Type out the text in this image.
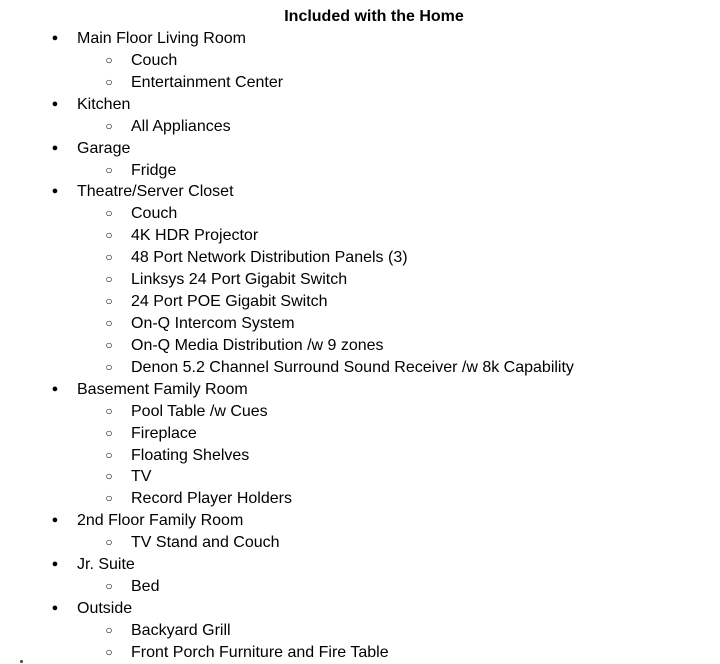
Included with the Home
● Main Floor Living Room
○ Couch
○ Entertainment Center
● Kitchen
○ All Appliances
● Garage
○ Fridge
● Theatre/Server Closet
○ Couch
○ 4K HDR Projector
○ 48 Port Network Distribution Panels (3)
○ Linksys 24 Port Gigabit Switch
○ 24 Port POE Gigabit Switch
○ On-Q Intercom System
○ On-Q Media Distribution /w 9 zones
○ Denon 5.2 Channel Surround Sound Receiver /w 8k Capability
● Basement Family Room
○ Pool Table /w Cues
○ Fireplace
○ Floating Shelves
○ TV
○ Record Player Holders
● 2nd Floor Family Room
○ TV Stand and Couch
● Jr. Suite
○ Bed
● Outside
○ Backyard Grill
○ Front Porch Furniture and Fire Table
